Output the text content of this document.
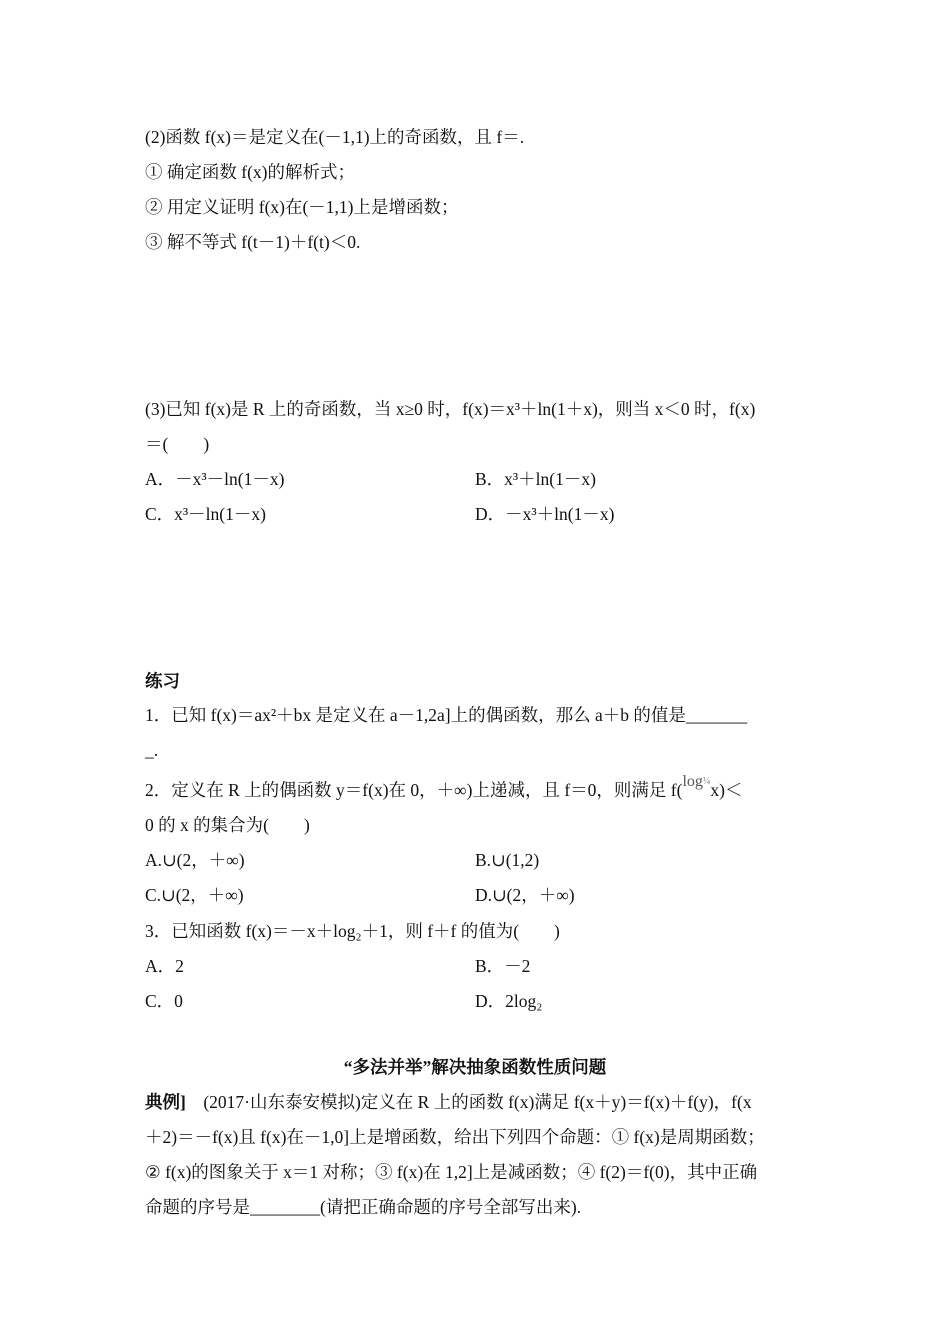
(2)函数 f(x)＝是定义在(－1,1)上的奇函数，且 f＝.
① 确定函数 f(x)的解析式；
② 用定义证明 f(x)在(－1,1)上是增函数；
③ 解不等式 f(t－1)＋f(t)＜0.
(3)已知 f(x)是 R 上的奇函数，当 x≥0 时，f(x)＝x³＋ln(1＋x)，则当 x＜0 时，f(x)
＝(　　)
A．－x³－ln(1－x)	B．x³＋ln(1－x)
C．x³－ln(1－x)	D．－x³＋ln(1－x)
练习
1．已知 f(x)＝ax²＋bx 是定义在 a－1,2a]上的偶函数，那么 a＋b 的值是_______
_.
2．定义在 R 上的偶函数 y＝f(x)在 0，＋∞)上递减，且 f＝0，则满足 $f(\log^{\frac{1}{4}}x)<$
0 的 x 的集合为(　　)
A.∪(2，＋∞)	B.∪(1,2)
C.∪(2，＋∞)	D.∪(2，＋∞)
3．已知函数 f(x)＝－x＋log₂＋1，则 f＋f 的值为(　　)
A．2	B．－2
C．0	D．2log₂
“多法并举”解决抽象函数性质问题
典例]　(2017·山东泰安模拟)定义在 R 上的函数 f(x)满足 f(x＋y)＝f(x)＋f(y)，f(x
＋2)＝－f(x)且 f(x)在－1,0]上是增函数，给出下列四个命题：① f(x)是周期函数；
② f(x)的图象关于 x＝1 对称；③ f(x)在 1,2]上是减函数；④ f(2)＝f(0)，其中正确
命题的序号是________(请把正确命题的序号全部写出来).
